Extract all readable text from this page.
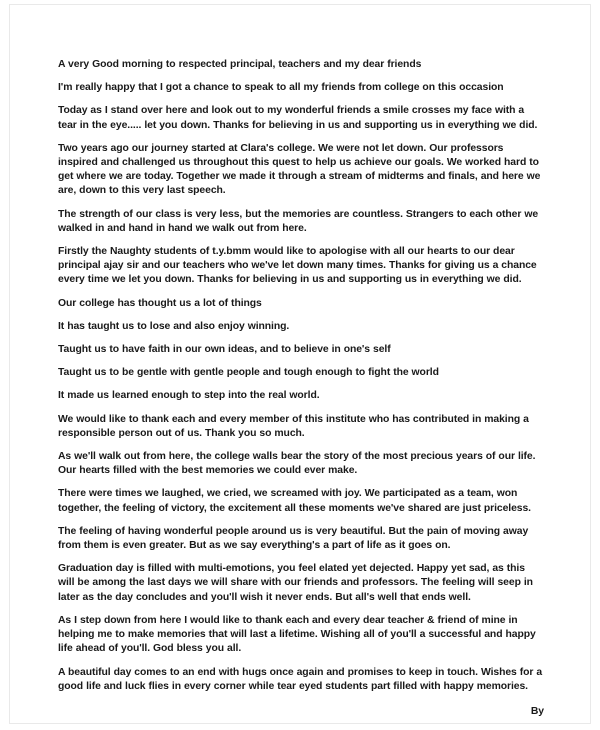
A very Good morning to respected principal, teachers and my dear friends

I'm really happy that I got a chance to speak to all my friends from college on this occasion

Today as I stand over here and look out to my wonderful friends a smile crosses my face with a tear in the eye..... let you down. Thanks for believing in us and supporting us in everything we did.

Two years ago our journey started at Clara's college. We were not let down. Our professors inspired and challenged us throughout this quest to help us achieve our goals. We worked hard to get where we are today. Together we made it through a stream of midterms and finals, and here we are, down to this very last speech.

The strength of our class is very less, but the memories are countless. Strangers to each other we walked in and hand in hand we walk out from here.

Firstly the Naughty students of t.y.bmm would like to apologise with all our hearts to our dear principal ajay sir and our teachers who we've let down many times. Thanks for giving us a chance every time we let you down. Thanks for believing in us and supporting us in everything we did.

Our college has thought us a lot of things

It has taught us to lose and also enjoy winning.

Taught us to have faith in our own ideas, and to believe in one's self

Taught us to be gentle with gentle people and tough enough to fight the world

It made us learned enough to step into the real world.

We would like to thank each and every member of this institute who has contributed in making a responsible person out of us. Thank you so much.

As we'll walk out from here, the college walls bear the story of the most precious years of our life. Our hearts filled with the best memories we could ever make.

There were times we laughed, we cried, we screamed with joy. We participated as a team, won together, the feeling of victory, the excitement all these moments we've shared are just priceless.

The feeling of having wonderful people around us is very beautiful. But the pain of moving away from them is even greater. But as we say everything's a part of life as it goes on.

Graduation day is filled with multi-emotions, you feel elated yet dejected. Happy yet sad, as this will be among the last days we will share with our friends and professors. The feeling will seep in later as the day concludes and you'll wish it never ends. But all's well that ends well.

As I step down from here I would like to thank each and every dear teacher & friend of mine in helping me to make memories that will last a lifetime. Wishing all of you'll a successful and happy life ahead of you'll. God bless you all.

A beautiful day comes to an end with hugs once again and promises to keep in touch. Wishes for a good life and luck flies in every corner while tear eyed students part filled with happy memories.

By
